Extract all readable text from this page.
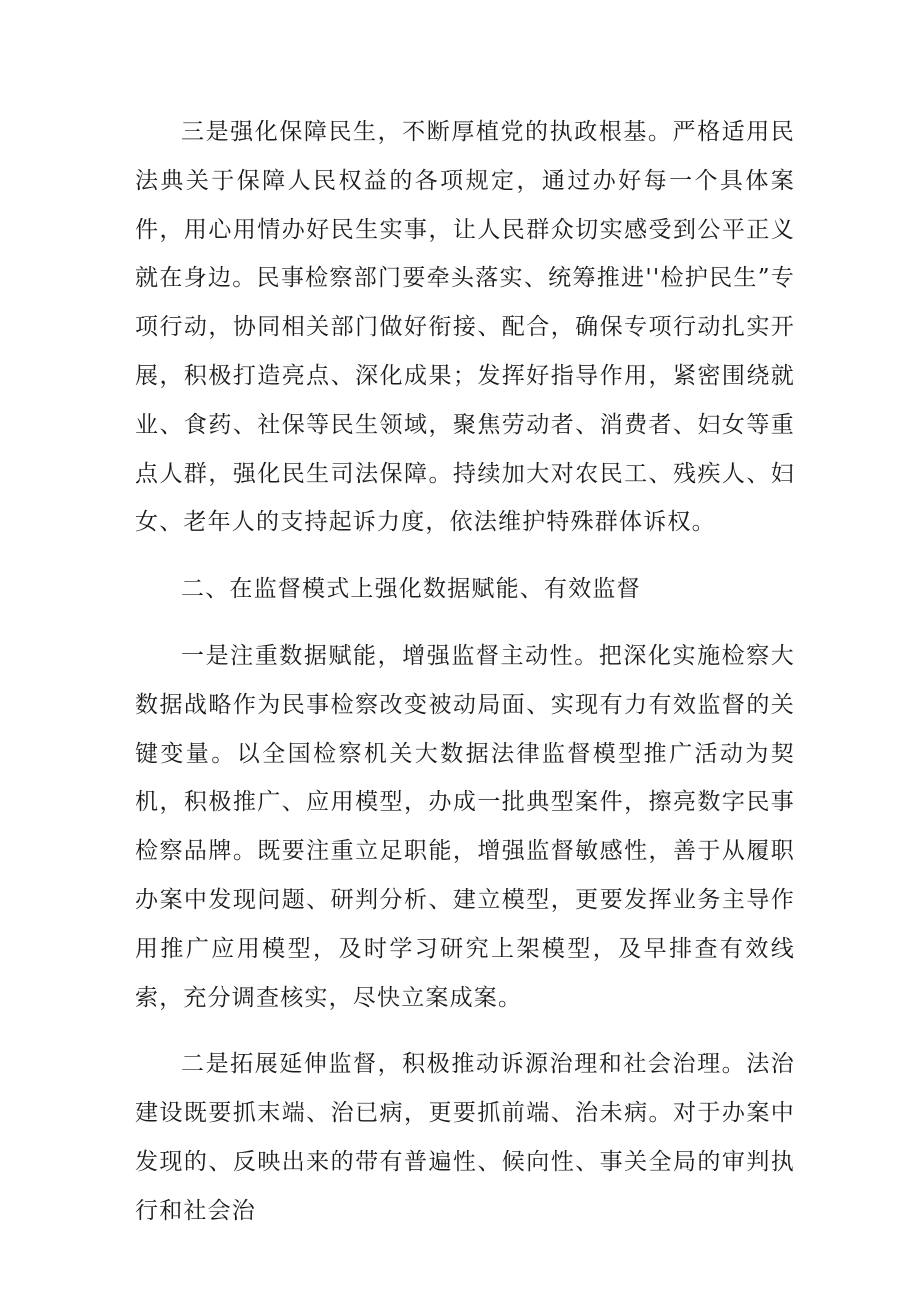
三是强化保障民生，不断厚植党的执政根基。严格适用民法典关于保障人民权益的各项规定，通过办好每一个具体案件，用心用情办好民生实事，让人民群众切实感受到公平正义就在身边。民事检察部门要牵头落实、统筹推进''检护民生”专项行动，协同相关部门做好衔接、配合，确保专项行动扎实开展，积极打造亮点、深化成果；发挥好指导作用，紧密围绕就业、食药、社保等民生领域，聚焦劳动者、消费者、妇女等重点人群，强化民生司法保障。持续加大对农民工、残疾人、妇女、老年人的支持起诉力度，依法维护特殊群体诉权。

二、在监督模式上强化数据赋能、有效监督

一是注重数据赋能，增强监督主动性。把深化实施检察大数据战略作为民事检察改变被动局面、实现有力有效监督的关键变量。以全国检察机关大数据法律监督模型推广活动为契机，积极推广、应用模型，办成一批典型案件，擦亮数字民事检察品牌。既要注重立足职能，增强监督敏感性，善于从履职办案中发现问题、研判分析、建立模型，更要发挥业务主导作用推广应用模型，及时学习研究上架模型，及早排查有效线索，充分调查核实，尽快立案成案。

二是拓展延伸监督，积极推动诉源治理和社会治理。法治建设既要抓末端、治已病，更要抓前端、治未病。对于办案中发现的、反映出来的带有普遍性、候向性、事关全局的审判执行和社会治
